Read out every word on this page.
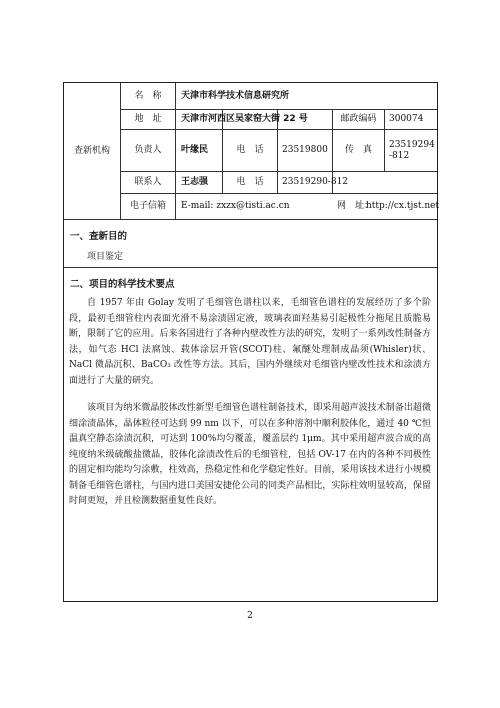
查新机构
名　称	天津市科学技术信息研究所
地　址	天津市河西区吴家窑大街 22 号	邮政编码	300074
负责人	叶缘民	电　话	23519800	传　真
23519294-812
联系人	王志强	电　话	23519290-812
电子信箱	E-mail: zxzx@tisti.ac.cn	网　址：
http://cx.tjst.net
一、查新目的
项目鉴定
二、项目的科学技术要点

自 1957 年由 Golay 发明了毛细管色谱柱以来，毛细管色谱柱的发展经历了多个阶段，最初毛细管柱内表面光滑不易涂渍固定液，玻璃表面羟基易引起极性分拖尾且质脆易断，限制了它的应用。后来各国进行了各种内壁改性方法的研究，发明了一系列改性制备方法，如气态 HCl 法腐蚀、载体涂层开管(SCOT)柱、氟醚处理制成晶须(Whisler)状、NaCl 微晶沉积、BaCO₃ 改性等方法。其后，国内外继续对毛细管内壁改性技术和涂渍方面进行了大量的研究。

该项目为纳米微晶胶体改性新型毛细管色谱柱制备技术，即采用超声波技术制备出超微细涂渍晶体，晶体粒径可达到 99 nm 以下，可以在多种溶剂中顺利胶体化，通过 40 ℃恒温真空静态涂渍沉积，可达到 100%均匀覆盖，覆盖层约 1μm。其中采用超声波合成的高纯度纳米级硫酸盐微晶，胶体化涂渍改性后的毛细管柱，包括 OV-17 在内的各种不同极性的固定相均能均匀涂敷，柱效高，热稳定性和化学稳定性好。目前，采用该技术进行小规模制备毛细管色谱柱，与国内进口美国安捷伦公司的同类产品相比，实际柱效明显较高，保留时间更短，并且检测数据重复性良好。

2
